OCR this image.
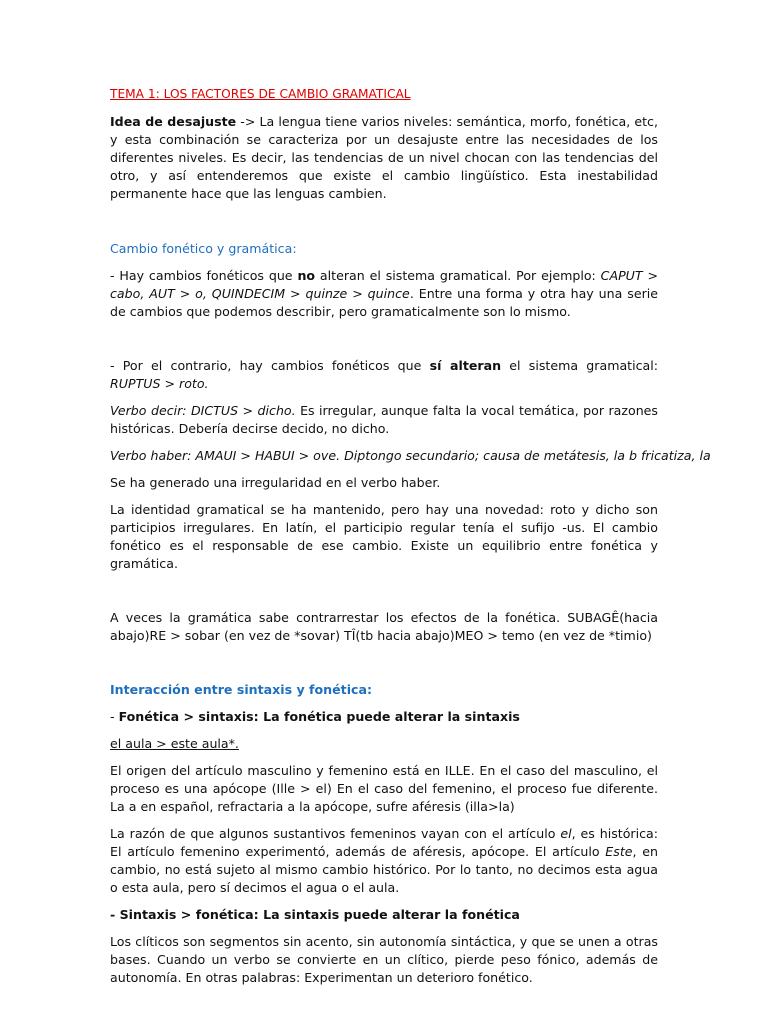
TEMA 1: LOS FACTORES DE CAMBIO GRAMATICAL

Idea de desajuste -> La lengua tiene varios niveles: semántica, morfo, fonética, etc, y esta combinación se caracteriza por un desajuste entre las necesidades de los diferentes niveles. Es decir, las tendencias de un nivel chocan con las tendencias del otro, y así entenderemos que existe el cambio lingüístico. Esta inestabilidad permanente hace que las lenguas cambien.

Cambio fonético y gramática:

- Hay cambios fonéticos que no alteran el sistema gramatical. Por ejemplo: CAPUT > cabo, AUT > o, QUINDECIM > quinze > quince. Entre una forma y otra hay una serie de cambios que podemos describir, pero gramaticalmente son lo mismo.

- Por el contrario, hay cambios fonéticos que sí alteran el sistema gramatical: RUPTUS > roto.

Verbo decir: DICTUS > dicho. Es irregular, aunque falta la vocal temática, por razones históricas. Debería decirse decido, no dicho.

Verbo haber: AMAUI > HABUI > ove. Diptongo secundario; causa de metátesis, la b fricatiza, la

Se ha generado una irregularidad en el verbo haber.

La identidad gramatical se ha mantenido, pero hay una novedad: roto y dicho son participios irregulares. En latín, el participio regular tenía el sufijo -us. El cambio fonético es el responsable de ese cambio. Existe un equilibrio entre fonética y gramática.

A veces la gramática sabe contrarrestar los efectos de la fonética. SUBAGÊ(hacia abajo)RE > sobar (en vez de *sovar) TÎ(tb hacia abajo)MEO > temo (en vez de *timio)

Interacción entre sintaxis y fonética:

- Fonética > sintaxis: La fonética puede alterar la sintaxis

el aula > este aula*.

El origen del artículo masculino y femenino está en ILLE. En el caso del masculino, el proceso es una apócope (Ille > el) En el caso del femenino, el proceso fue diferente. La a en español, refractaria a la apócope, sufre aféresis (illa>la)

La razón de que algunos sustantivos femeninos vayan con el artículo el, es histórica: El artículo femenino experimentó, además de aféresis, apócope. El artículo Este, en cambio, no está sujeto al mismo cambio histórico. Por lo tanto, no decimos esta agua o esta aula, pero sí decimos el agua o el aula.

- Sintaxis > fonética: La sintaxis puede alterar la fonética

Los clíticos son segmentos sin acento, sin autonomía sintáctica, y que se unen a otras bases. Cuando un verbo se convierte en un clítico, pierde peso fónico, además de autonomía. En otras palabras: Experimentan un deterioro fonético.
